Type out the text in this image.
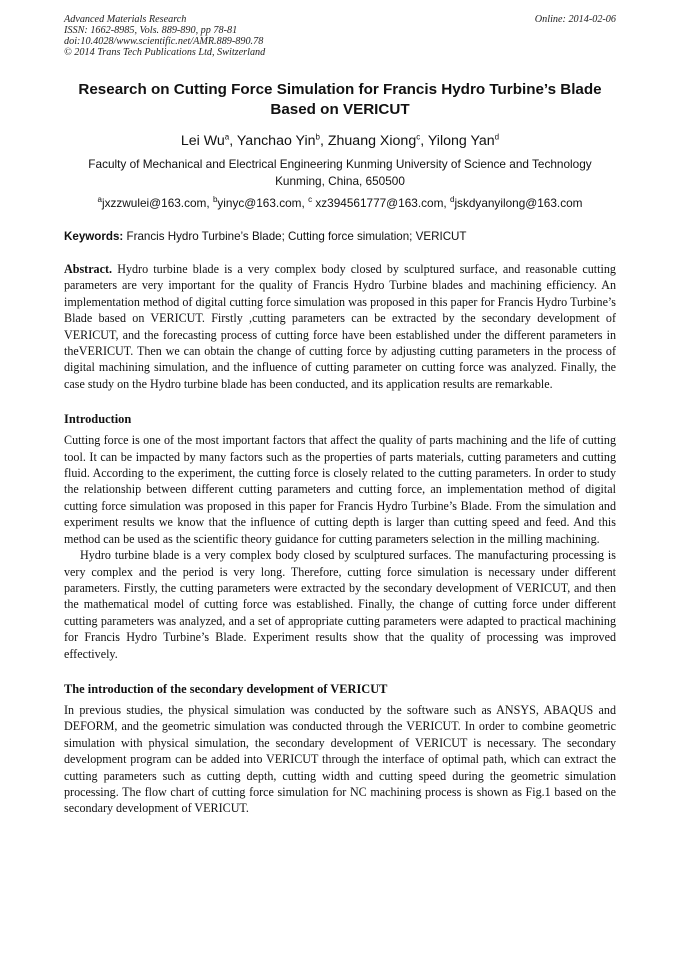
Advanced Materials Research
ISSN: 1662-8985, Vols. 889-890, pp 78-81
doi:10.4028/www.scientific.net/AMR.889-890.78
© 2014 Trans Tech Publications Ltd, Switzerland
Online: 2014-02-06
Research on Cutting Force Simulation for Francis Hydro Turbine’s Blade Based on VERICUT
Lei Wu$^a$, Yanchao Yin$^b$, Zhuang Xiong$^c$, Yilong Yan$^d$
Faculty of Mechanical and Electrical Engineering Kunming University of Science and Technology Kunming, China, 650500
$^a$jxzzwulei@163.com, $^b$yinyc@163.com, $^c$ xz394561777@163.com, $^d$jskdyanyilong@163.com
Keywords: Francis Hydro Turbine’s Blade; Cutting force simulation; VERICUT

Abstract. Hydro turbine blade is a very complex body closed by sculptured surface, and reasonable cutting parameters are very important for the quality of Francis Hydro Turbine blades and machining efficiency. An implementation method of digital cutting force simulation was proposed in this paper for Francis Hydro Turbine’s Blade based on VERICUT. Firstly ,cutting parameters can be extracted by the secondary development of VERICUT, and the forecasting process of cutting force have been established under the different parameters in theVERICUT. Then we can obtain the change of cutting force by adjusting cutting parameters in the process of digital machining simulation, and the influence of cutting parameter on cutting force was analyzed. Finally, the case study on the Hydro turbine blade has been conducted, and its application results are remarkable.

Introduction

Cutting force is one of the most important factors that affect the quality of parts machining and the life of cutting tool. It can be impacted by many factors such as the properties of parts materials, cutting parameters and cutting fluid. According to the experiment, the cutting force is closely related to the cutting parameters. In order to study the relationship between different cutting parameters and cutting force, an implementation method of digital cutting force simulation was proposed in this paper for Francis Hydro Turbine’s Blade. From the simulation and experiment results we know that the influence of cutting depth is larger than cutting speed and feed. And this method can be used as the scientific theory guidance for cutting parameters selection in the milling machining.

Hydro turbine blade is a very complex body closed by sculptured surfaces. The manufacturing processing is very complex and the period is very long. Therefore, cutting force simulation is necessary under different parameters. Firstly, the cutting parameters were extracted by the secondary development of VERICUT, and then the mathematical model of cutting force was established. Finally, the change of cutting force under different cutting parameters was analyzed, and a set of appropriate cutting parameters were adapted to practical machining for Francis Hydro Turbine’s Blade. Experiment results show that the quality of processing was improved effectively.

The introduction of the secondary development of VERICUT

In previous studies, the physical simulation was conducted by the software such as ANSYS, ABAQUS and DEFORM, and the geometric simulation was conducted through the VERICUT. In order to combine geometric simulation with physical simulation, the secondary development of VERICUT is necessary. The secondary development program can be added into VERICUT through the interface of optimal path, which can extract the cutting parameters such as cutting depth, cutting width and cutting speed during the geometric simulation processing. The flow chart of cutting force simulation for NC machining process is shown as Fig.1 based on the secondary development of VERICUT.
